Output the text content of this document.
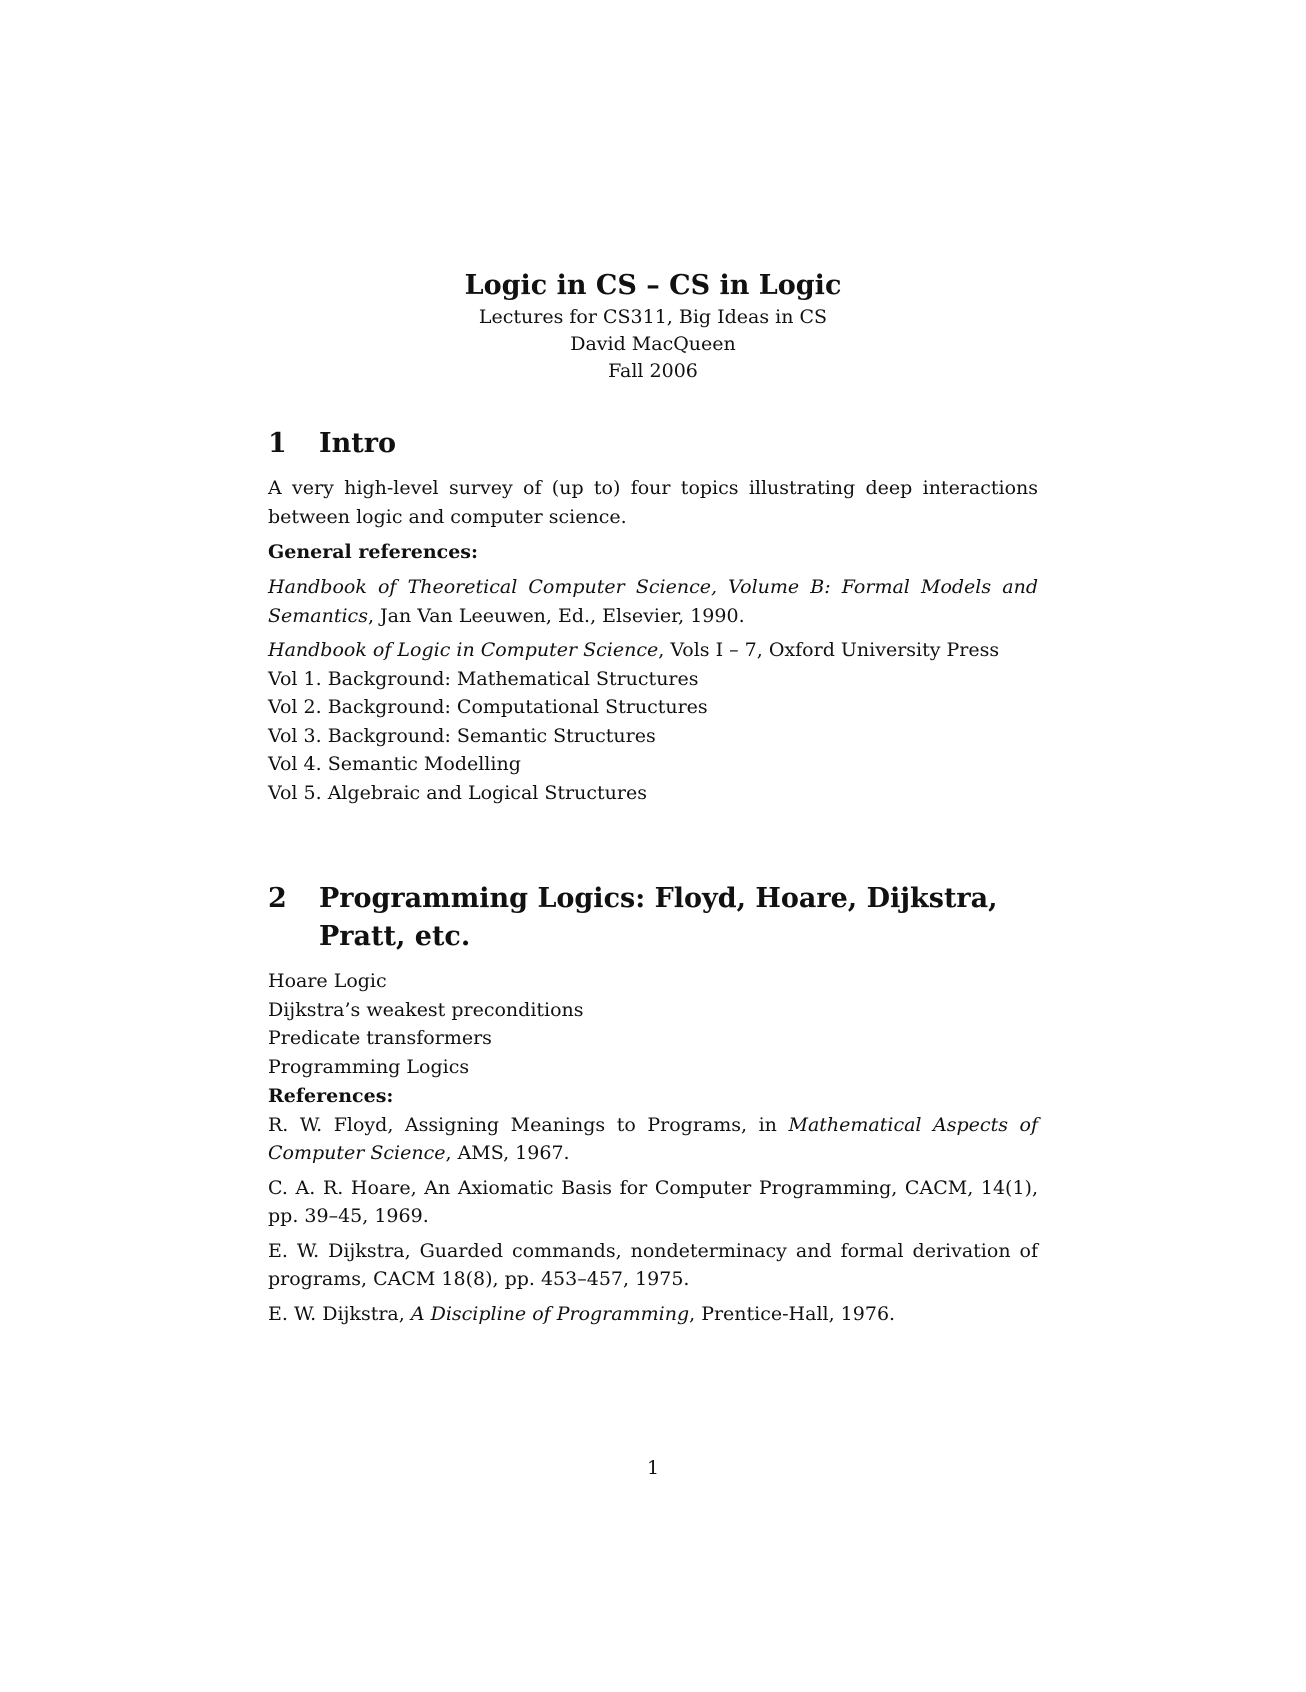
Logic in CS – CS in Logic

Lectures for CS311, Big Ideas in CS

David MacQueen

Fall 2006

1	Intro

A very high-level survey of (up to) four topics illustrating deep interactions between logic and computer science.

General references:

Handbook of Theoretical Computer Science, Volume B: Formal Models and Semantics, Jan Van Leeuwen, Ed., Elsevier, 1990.

Handbook of Logic in Computer Science, Vols I – 7, Oxford University Press

Vol 1. Background: Mathematical Structures

Vol 2. Background: Computational Structures

Vol 3. Background: Semantic Structures

Vol 4. Semantic Modelling

Vol 5. Algebraic and Logical Structures

2	Programming Logics: Floyd, Hoare, Dijkstra, Pratt, etc.

Hoare Logic

Dijkstra’s weakest preconditions

Predicate transformers

Programming Logics

References:

R. W. Floyd, Assigning Meanings to Programs, in Mathematical Aspects of Computer Science, AMS, 1967.

C. A. R. Hoare, An Axiomatic Basis for Computer Programming, CACM, 14(1), pp. 39–45, 1969.

E. W. Dijkstra, Guarded commands, nondeterminacy and formal derivation of programs, CACM 18(8), pp. 453–457, 1975.

E. W. Dijkstra, A Discipline of Programming, Prentice-Hall, 1976.

1
